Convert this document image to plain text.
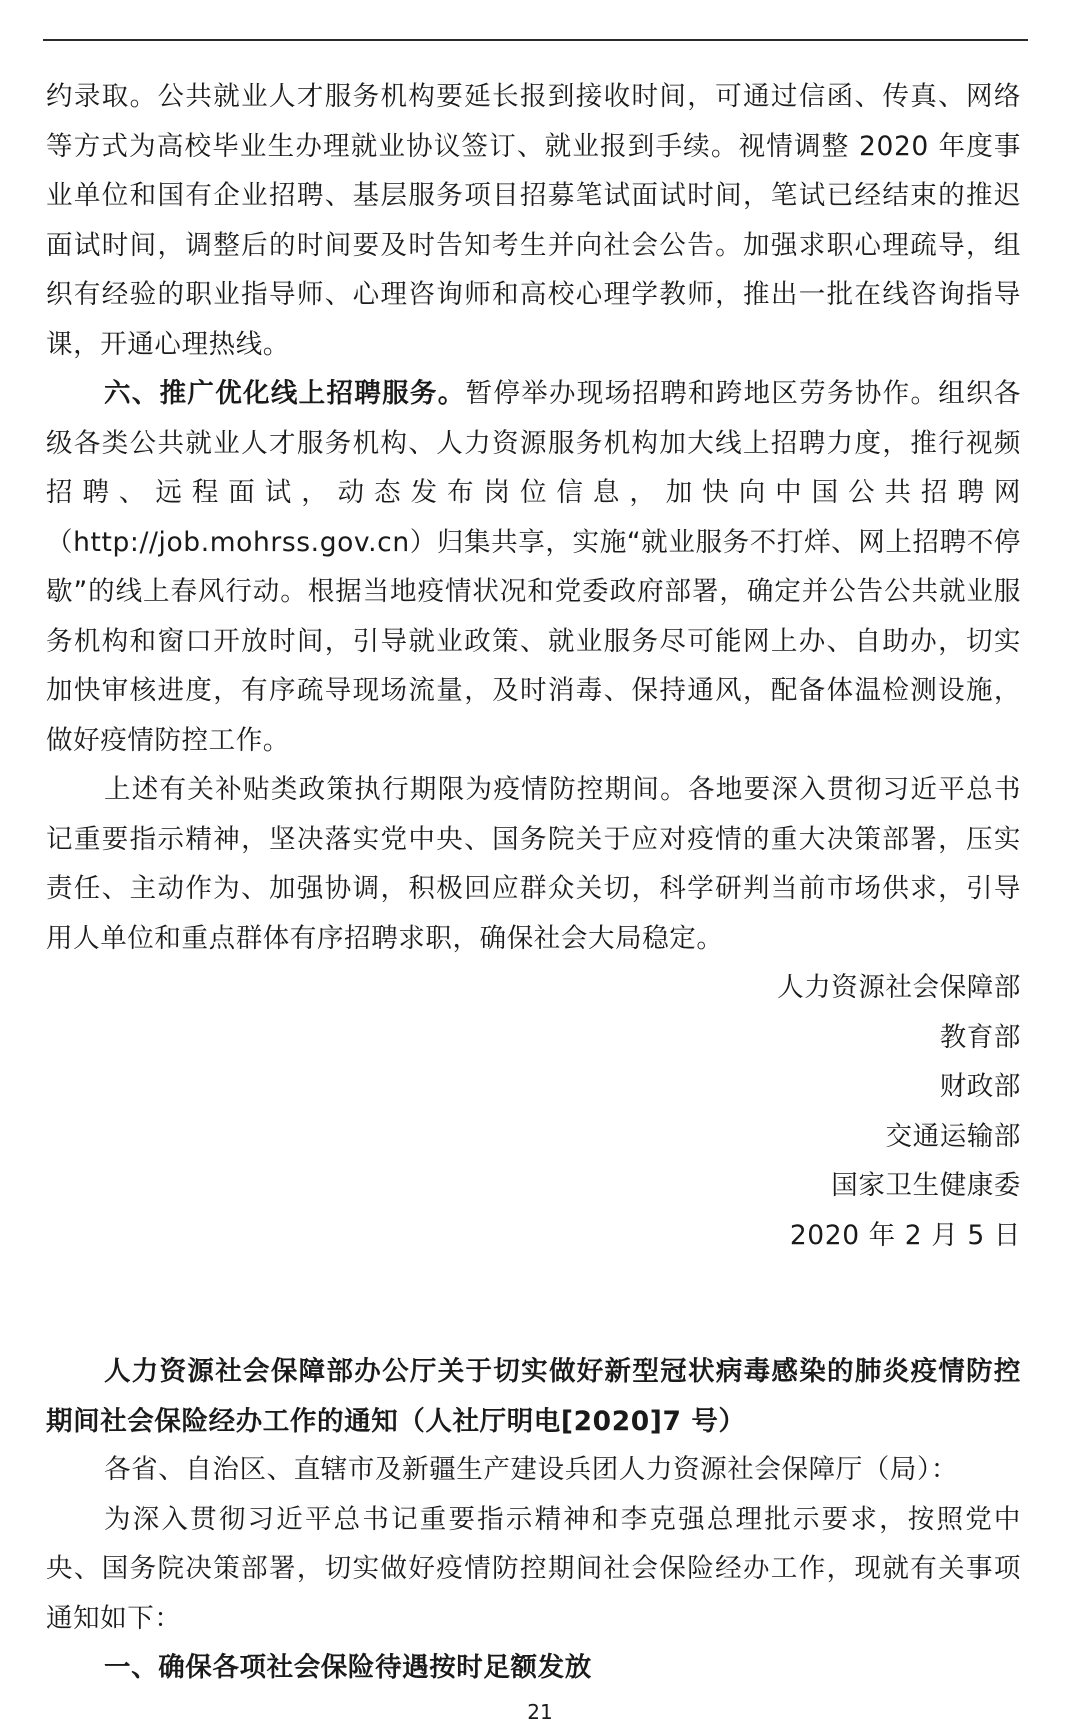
约录取。公共就业人才服务机构要延长报到接收时间，可通过信函、传真、网络等方式为高校毕业生办理就业协议签订、就业报到手续。视情调整 2020 年度事业单位和国有企业招聘、基层服务项目招募笔试面试时间，笔试已经结束的推迟面试时间，调整后的时间要及时告知考生并向社会公告。加强求职心理疏导，组织有经验的职业指导师、心理咨询师和高校心理学教师，推出一批在线咨询指导课，开通心理热线。

六、推广优化线上招聘服务。暂停举办现场招聘和跨地区劳务协作。组织各级各类公共就业人才服务机构、人力资源服务机构加大线上招聘力度，推行视频招聘、远程面试，动态发布岗位信息，加快向中国公共招聘网（http://job.mohrss.gov.cn）归集共享，实施“就业服务不打烊、网上招聘不停歇”的线上春风行动。根据当地疫情状况和党委政府部署，确定并公告公共就业服务机构和窗口开放时间，引导就业政策、就业服务尽可能网上办、自助办，切实加快审核进度，有序疏导现场流量，及时消毒、保持通风，配备体温检测设施，做好疫情防控工作。

上述有关补贴类政策执行期限为疫情防控期间。各地要深入贯彻习近平总书记重要指示精神，坚决落实党中央、国务院关于应对疫情的重大决策部署，压实责任、主动作为、加强协调，积极回应群众关切，科学研判当前市场供求，引导用人单位和重点群体有序招聘求职，确保社会大局稳定。

人力资源社会保障部
教育部
财政部
交通运输部
国家卫生健康委
2020 年 2 月 5 日

人力资源社会保障部办公厅关于切实做好新型冠状病毒感染的肺炎疫情防控期间社会保险经办工作的通知（人社厅明电[2020]7 号）

各省、自治区、直辖市及新疆生产建设兵团人力资源社会保障厅（局）：

为深入贯彻习近平总书记重要指示精神和李克强总理批示要求，按照党中央、国务院决策部署，切实做好疫情防控期间社会保险经办工作，现就有关事项通知如下：

一、确保各项社会保险待遇按时足额发放

21
